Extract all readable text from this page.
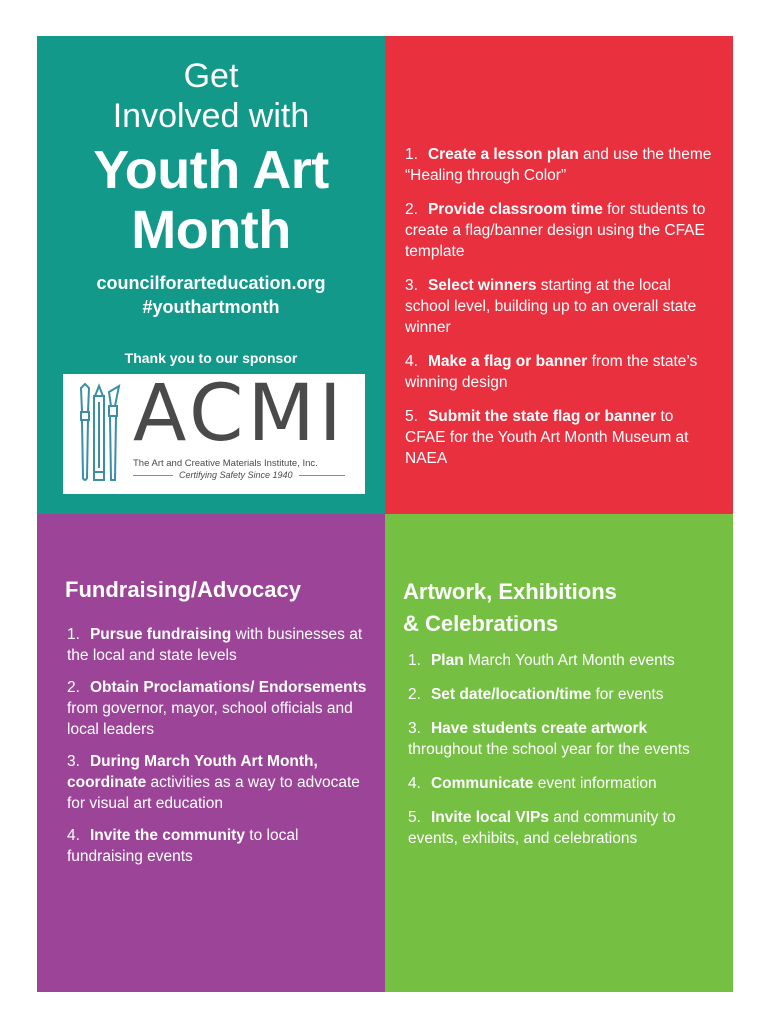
Get
Involved with
Youth Art
Month
councilforarteducation.org
#youthartmonth
Thank you to our sponsor
ACMI
The Art and Creative Materials Institute, Inc.
Certifying Safety Since 1940
1. Create a lesson plan and use the theme “Healing through Color”
2. Provide classroom time for students to create a flag/banner design using the CFAE template
3. Select winners starting at the local school level, building up to an overall state winner
4. Make a flag or banner from the state’s winning design
5. Submit the state flag or banner to CFAE for the Youth Art Month Museum at NAEA
Fundraising/Advocacy
1. Pursue fundraising with businesses at the local and state levels
2. Obtain Proclamations/ Endorsements from governor, mayor, school officials and local leaders
3. During March Youth Art Month, coordinate activities as a way to advocate for visual art education
4. Invite the community to local fundraising events
Artwork, Exhibitions
& Celebrations
1. Plan March Youth Art Month events
2. Set date/location/time for events
3. Have students create artwork throughout the school year for the events
4. Communicate event information
5. Invite local VIPs and community to events, exhibits, and celebrations
